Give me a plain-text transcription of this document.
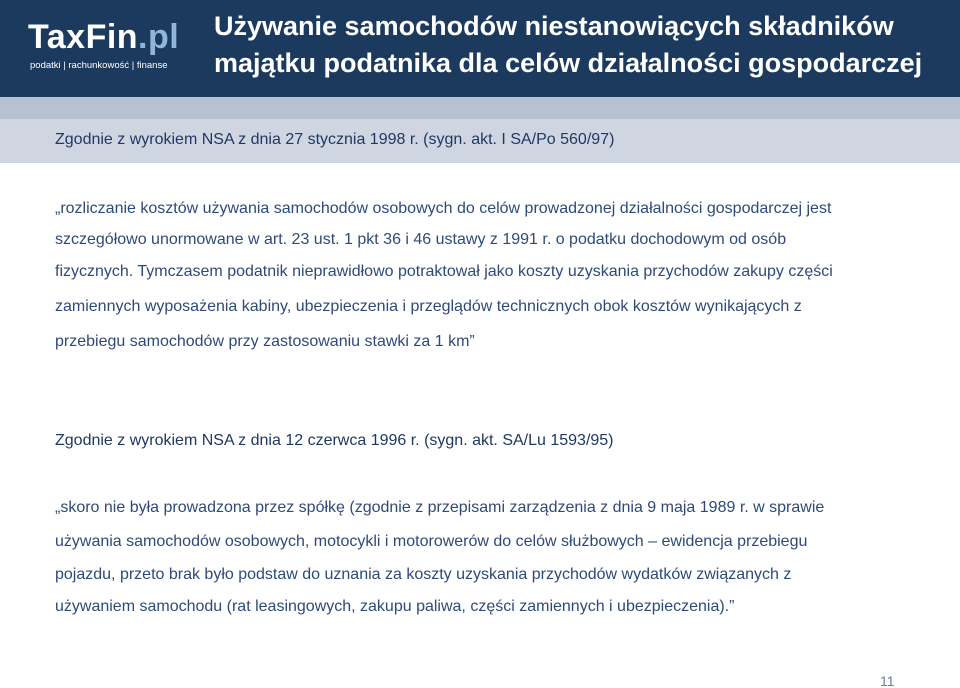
TaxFin.pl
podatki | rachunkowość | finanse
Używanie samochodów niestanowiących składników
majątku podatnika dla celów działalności gospodarczej
Zgodnie z wyrokiem NSA z dnia 27 stycznia 1998 r. (sygn. akt. I SA/Po 560/97)
„rozliczanie kosztów używania samochodów osobowych do celów prowadzonej działalności gospodarczej jest
szczegółowo unormowane w art. 23 ust. 1 pkt 36 i 46 ustawy z 1991 r. o podatku dochodowym od osób
fizycznych. Tymczasem podatnik nieprawidłowo potraktował jako koszty uzyskania przychodów zakupy części
zamiennych wyposażenia kabiny, ubezpieczenia i przeglądów technicznych obok kosztów wynikających z
przebiegu samochodów przy zastosowaniu stawki za 1 km”
Zgodnie z wyrokiem NSA z dnia 12 czerwca 1996 r. (sygn. akt. SA/Lu 1593/95)
„skoro nie była prowadzona przez spółkę (zgodnie z przepisami zarządzenia z dnia 9 maja 1989 r. w sprawie
używania samochodów osobowych, motocykli i motorowerów do celów służbowych – ewidencja przebiegu
pojazdu, przeto brak było podstaw do uznania za koszty uzyskania przychodów wydatków związanych z
używaniem samochodu (rat leasingowych, zakupu paliwa, części zamiennych i ubezpieczenia).”
11
